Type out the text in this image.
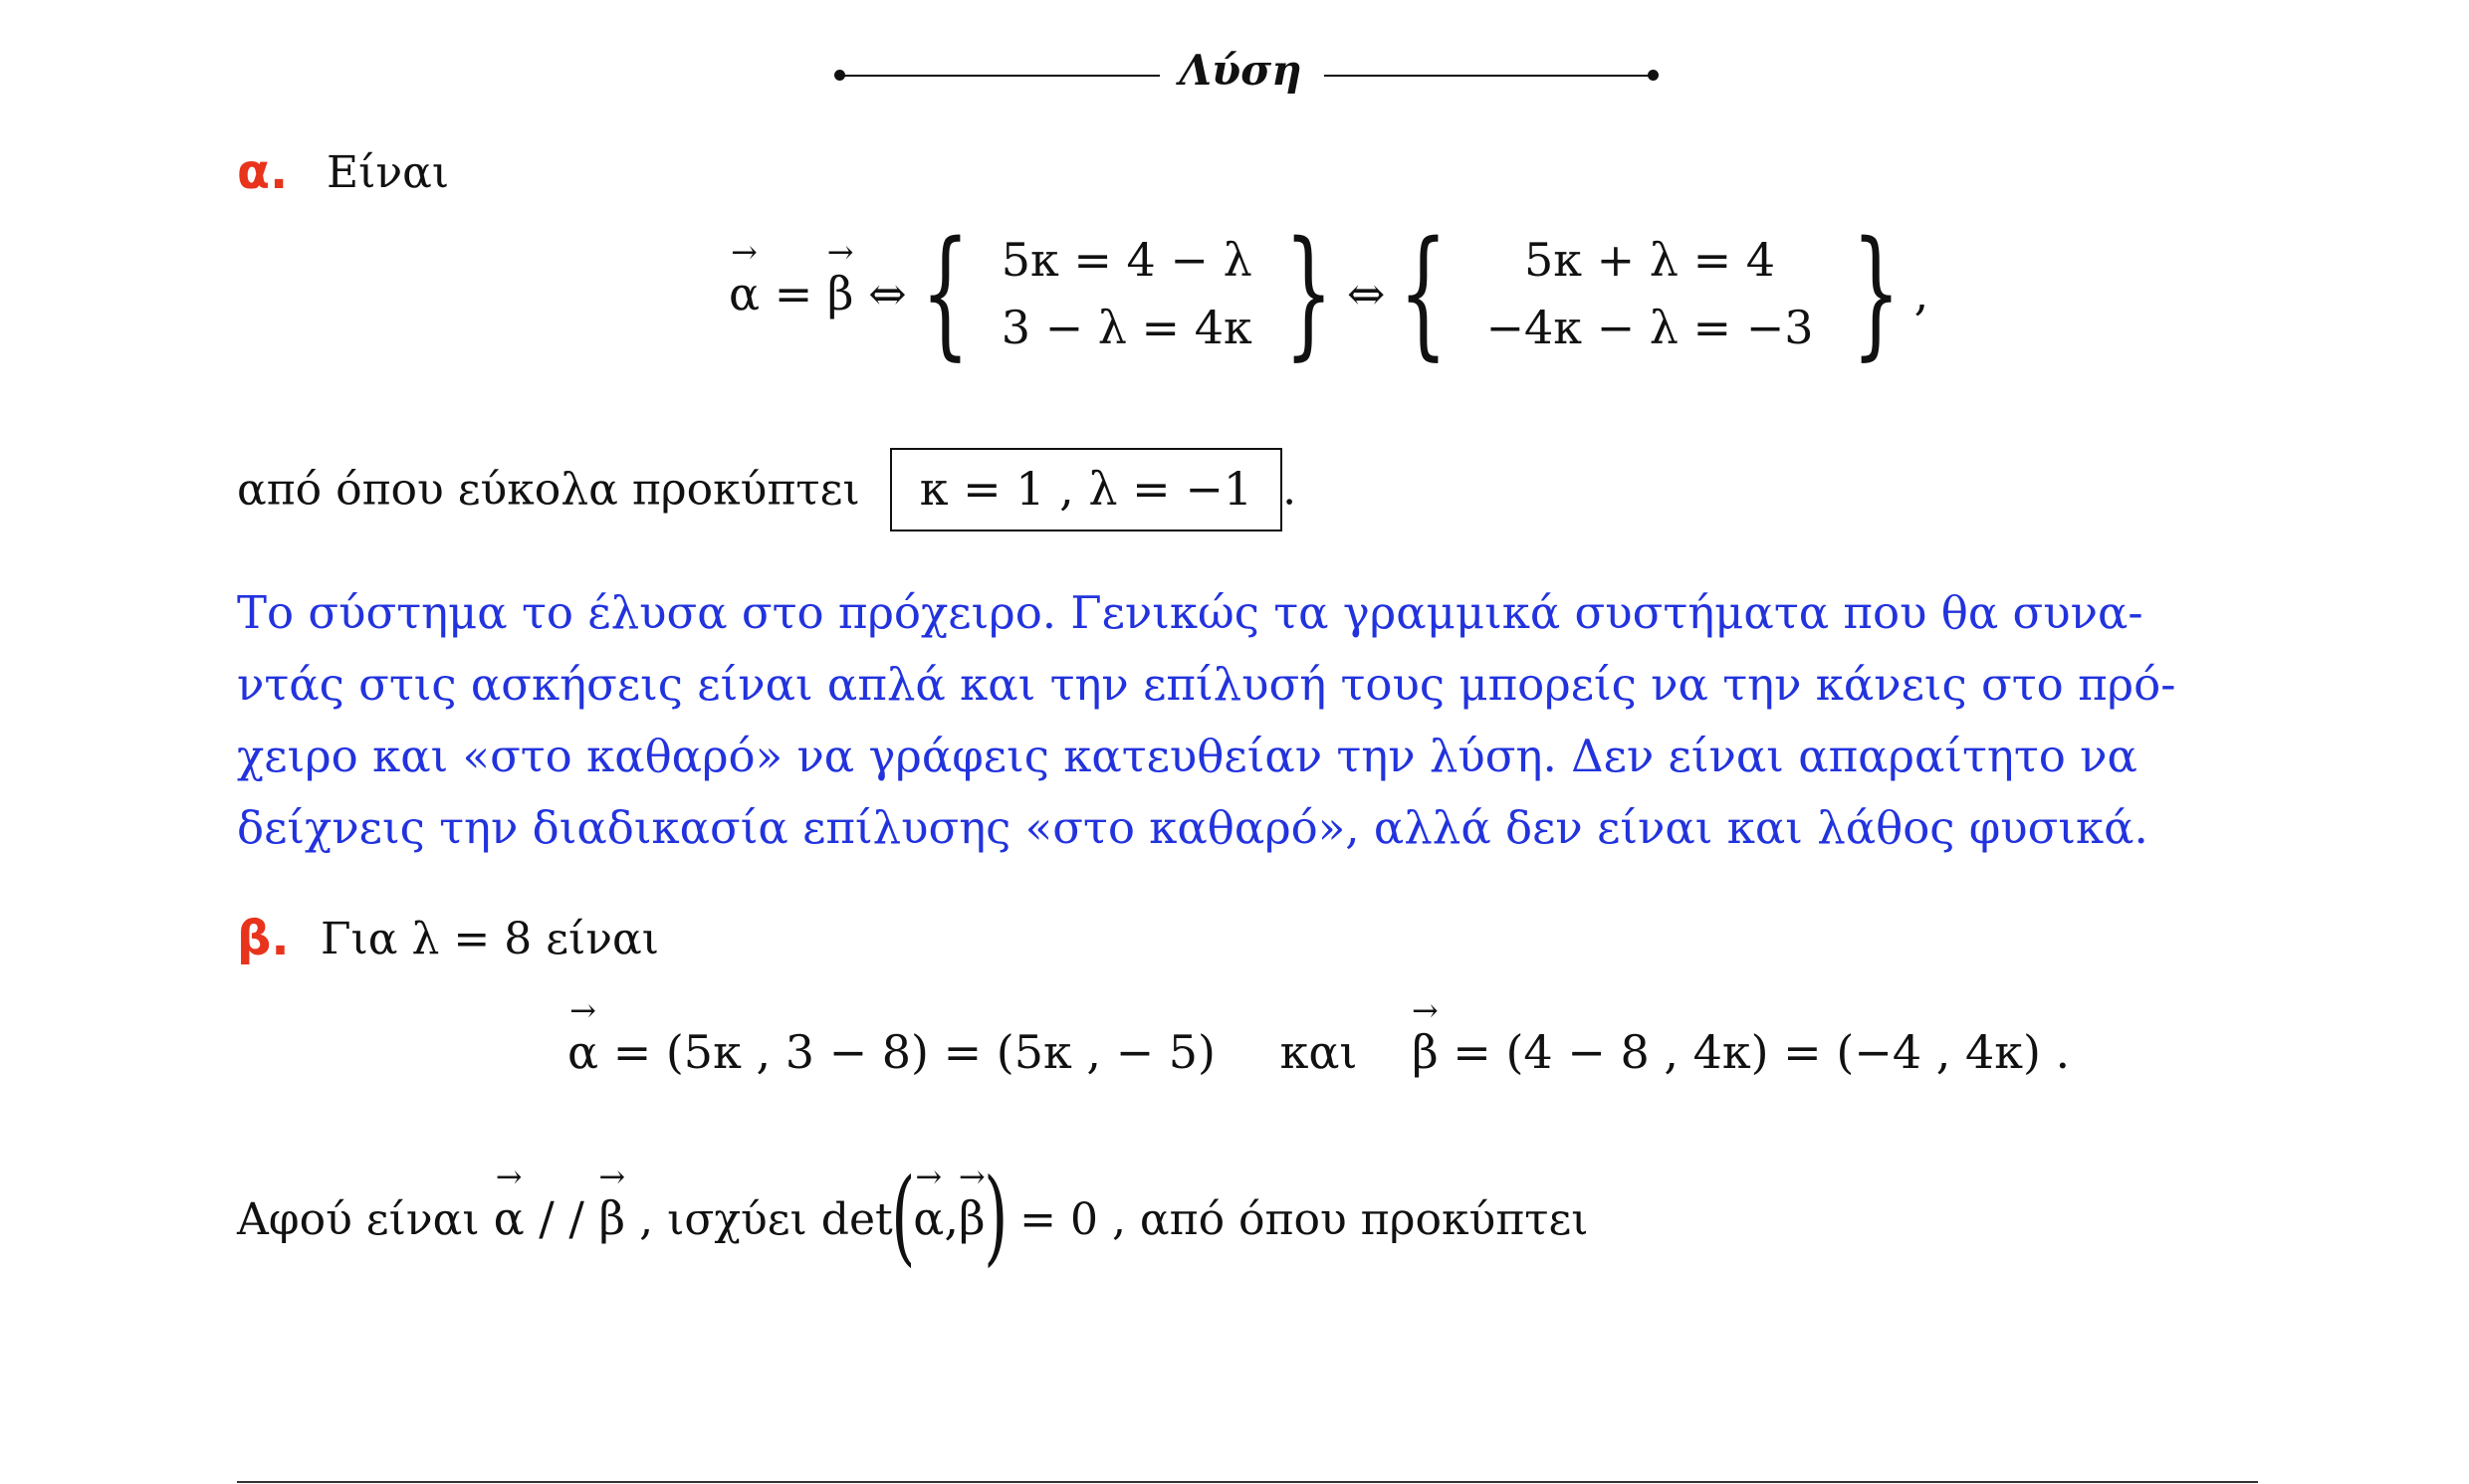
Λύση
α. Είναι
→ α = → β ⇔ { 5κ = 4 − λ
3 − λ = 4κ } ⇔ { 5κ + λ = 4
−4κ − λ = −3 } ,
από όπου εύκολα προκύπτει κ = 1 , λ = −1 .
Το σύστημα το έλυσα στο πρόχειρο. Γενικώς τα γραμμικά συστήματα που θα συνα-
ντάς στις ασκήσεις είναι απλά και την επίλυσή τους μπορείς να την κάνεις στο πρό-
χειρο και «στο καθαρό» να γράφεις κατευθείαν την λύση. Δεν είναι απαραίτητο να
δείχνεις την διαδικασία επίλυσης «στο καθαρό», αλλά δεν είναι και λάθος φυσικά.
β. Για λ = 8 είναι
→ α = (5κ , 3 − 8) = (5κ , − 5) και → β = (4 − 8 , 4κ) = (−4 , 4κ) .
Αφού είναι → α / / → β , ισχύει det(→ α,→ β) = 0 , από όπου προκύπτει
